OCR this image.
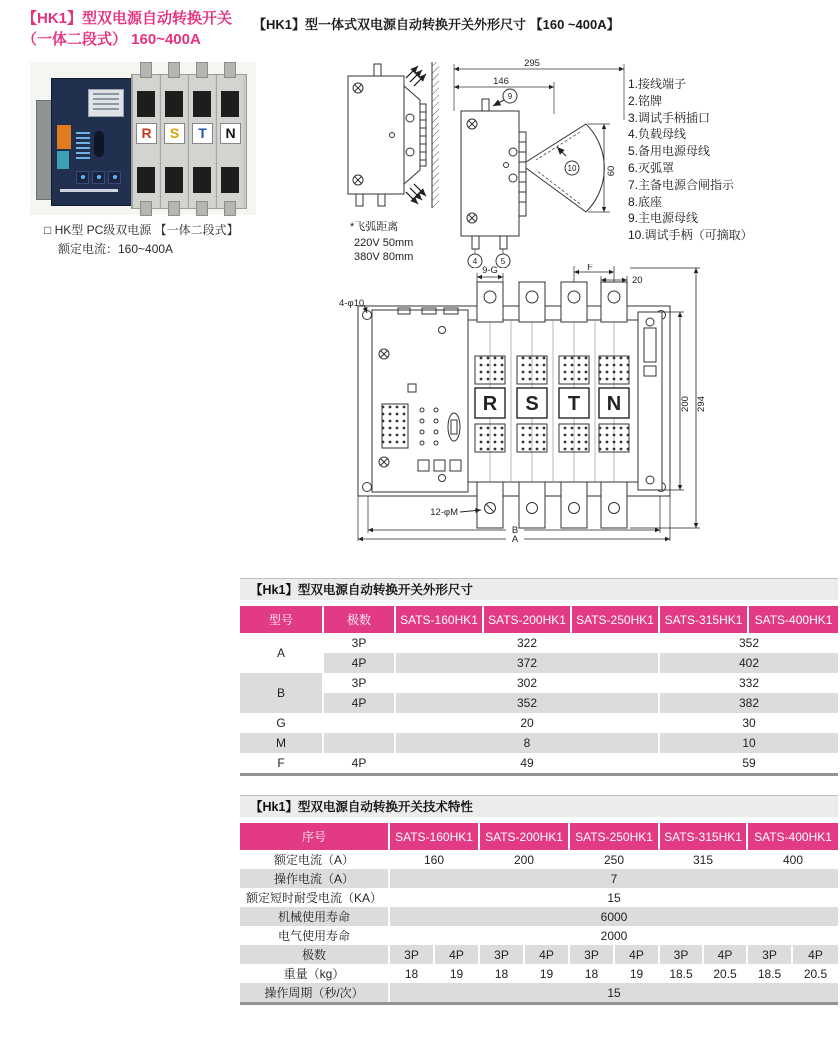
【HK1】型双电源自动转换开关
（一体二段式） 160~400A
【HK1】型一体式双电源自动转换开关外形尺寸 【160 ~400A】
R	S	T	N
□ HK型 PC级双电源 【一体二段式】
额定电流：160~400A
*飞弧距离
220V 50mm
380V 80mm
295
146
60
9
10
4	5
1.接线端子
2.铭牌
3.调试手柄插口
4.负载母线
5.备用电源母线
6.灭弧罩
7.主备电源合闸指示
8.底座
9.主电源母线
10.调试手柄（可摘取）
9-G	F
20
4-φ10
200 294
12-φM
B
A
R S T N
【Hk1】型双电源自动转换开关外形尺寸
型号	极数	SATS-160HK1	SATS-200HK1	SATS-250HK1	SATS-315HK1	SATS-400HK1
A	3P	322			352	
	4P	372			402	
B	3P	302			332	
	4P	352			382	
G		20			30	
M		8			10	
F	4P	49			59	
【Hk1】型双电源自动转换开关技术特性
序号	SATS-160HK1		SATS-200HK1		SATS-250HK1		SATS-315HK1		SATS-400HK1	
额定电流（A）	160		200		250		315		400	
操作电流（A）	7									
额定短时耐受电流（KA）	15									
机械使用寿命	6000									
电气使用寿命	2000									
极数	3P	4P	3P	4P	3P	4P	3P	4P	3P	4P
重量（kg）	18	19	18	19	18	19	18.5	20.5	18.5	20.5
操作周期（秒/次）	15									
